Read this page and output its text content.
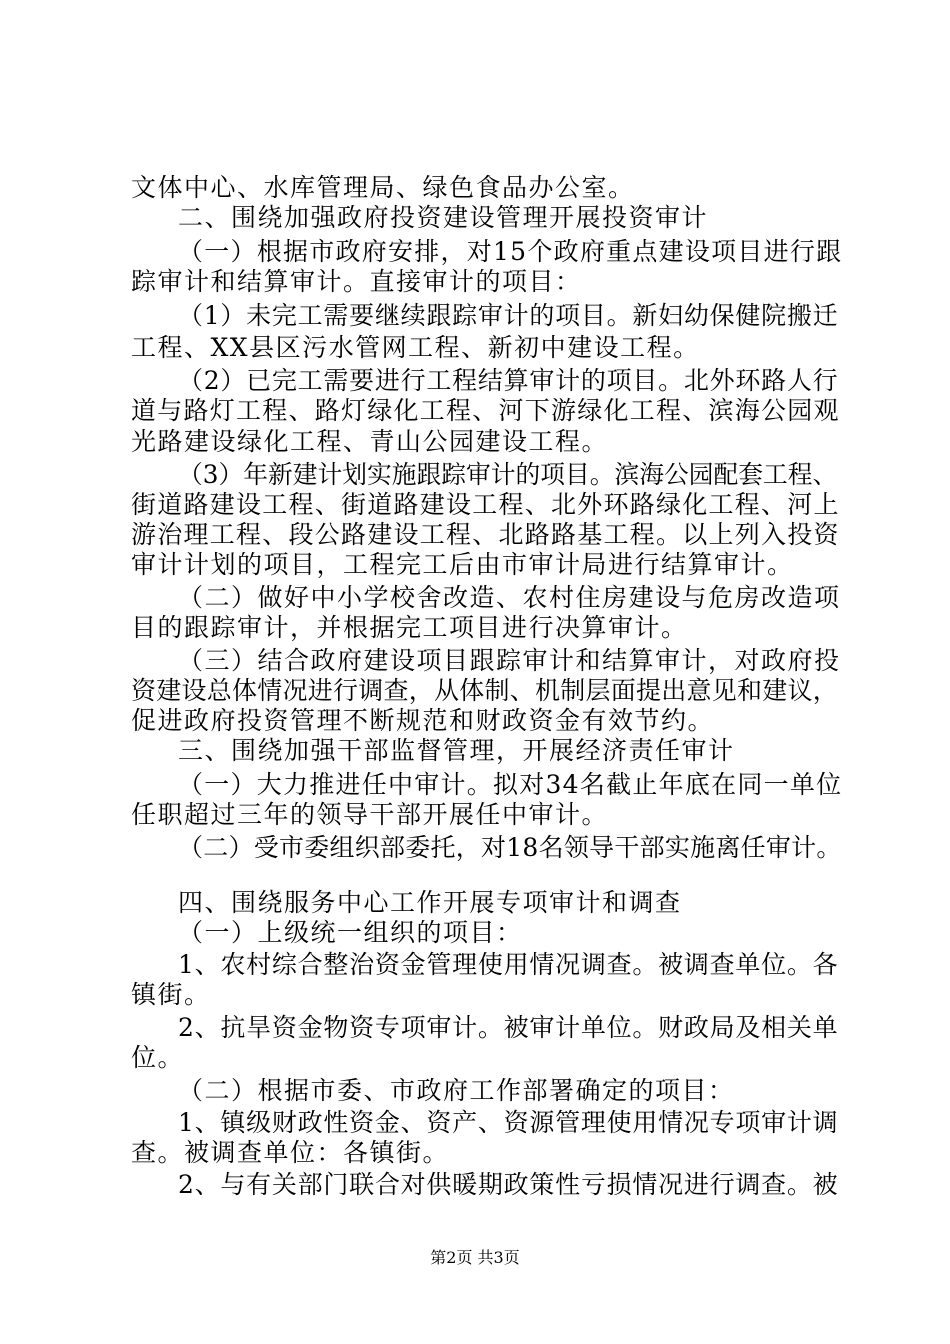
文体中心、水库管理局、绿色食品办公室。
二、围绕加强政府投资建设管理开展投资审计
（一）根据市政府安排，对15个政府重点建设项目进行跟
踪审计和结算审计。直接审计的项目：
（1）未完工需要继续跟踪审计的项目。新妇幼保健院搬迁
工程、XX县区污水管网工程、新初中建设工程。
（2）已完工需要进行工程结算审计的项目。北外环路人行
道与路灯工程、路灯绿化工程、河下游绿化工程、滨海公园观
光路建设绿化工程、青山公园建设工程。
（3）年新建计划实施跟踪审计的项目。滨海公园配套工程、
街道路建设工程、街道路建设工程、北外环路绿化工程、河上
游治理工程、段公路建设工程、北路路基工程。以上列入投资
审计计划的项目，工程完工后由市审计局进行结算审计。
（二）做好中小学校舍改造、农村住房建设与危房改造项
目的跟踪审计，并根据完工项目进行决算审计。
（三）结合政府建设项目跟踪审计和结算审计，对政府投
资建设总体情况进行调查，从体制、机制层面提出意见和建议，
促进政府投资管理不断规范和财政资金有效节约。
三、围绕加强干部监督管理，开展经济责任审计
（一）大力推进任中审计。拟对34名截止年底在同一单位
任职超过三年的领导干部开展任中审计。
（二）受市委组织部委托，对18名领导干部实施离任审计。
四、围绕服务中心工作开展专项审计和调查
（一）上级统一组织的项目：
1、农村综合整治资金管理使用情况调查。被调查单位。各
镇街。
2、抗旱资金物资专项审计。被审计单位。财政局及相关单
位。
（二）根据市委、市政府工作部署确定的项目：
1、镇级财政性资金、资产、资源管理使用情况专项审计调
查。被调查单位：各镇街。
2、与有关部门联合对供暖期政策性亏损情况进行调查。被
第2页 共3页
